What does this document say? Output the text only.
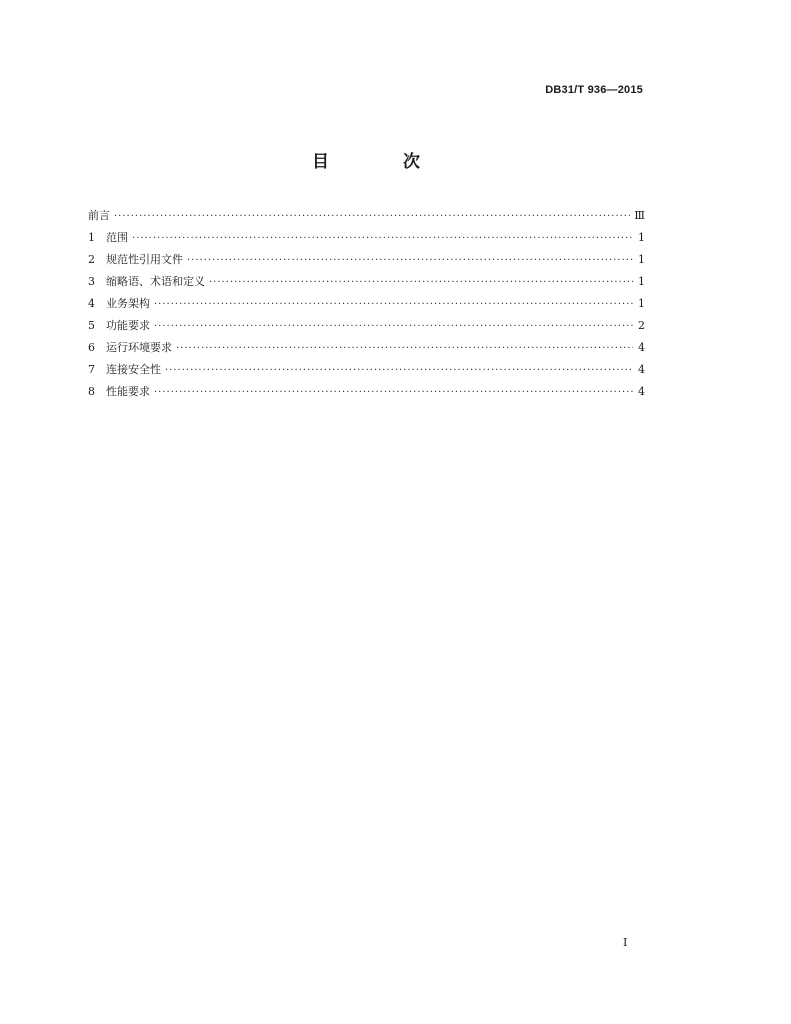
DB31/T 936—2015
目 次
前言 ·····	Ⅲ
1	范围 ·····	1
2	规范性引用文件 ·····	1
3	缩略语、术语和定义 ·····	1
4	业务架构 ·····	1
5	功能要求 ·····	2
6	运行环境要求 ·····	4
7	连接安全性 ·····	4
8	性能要求 ·····	4
I
